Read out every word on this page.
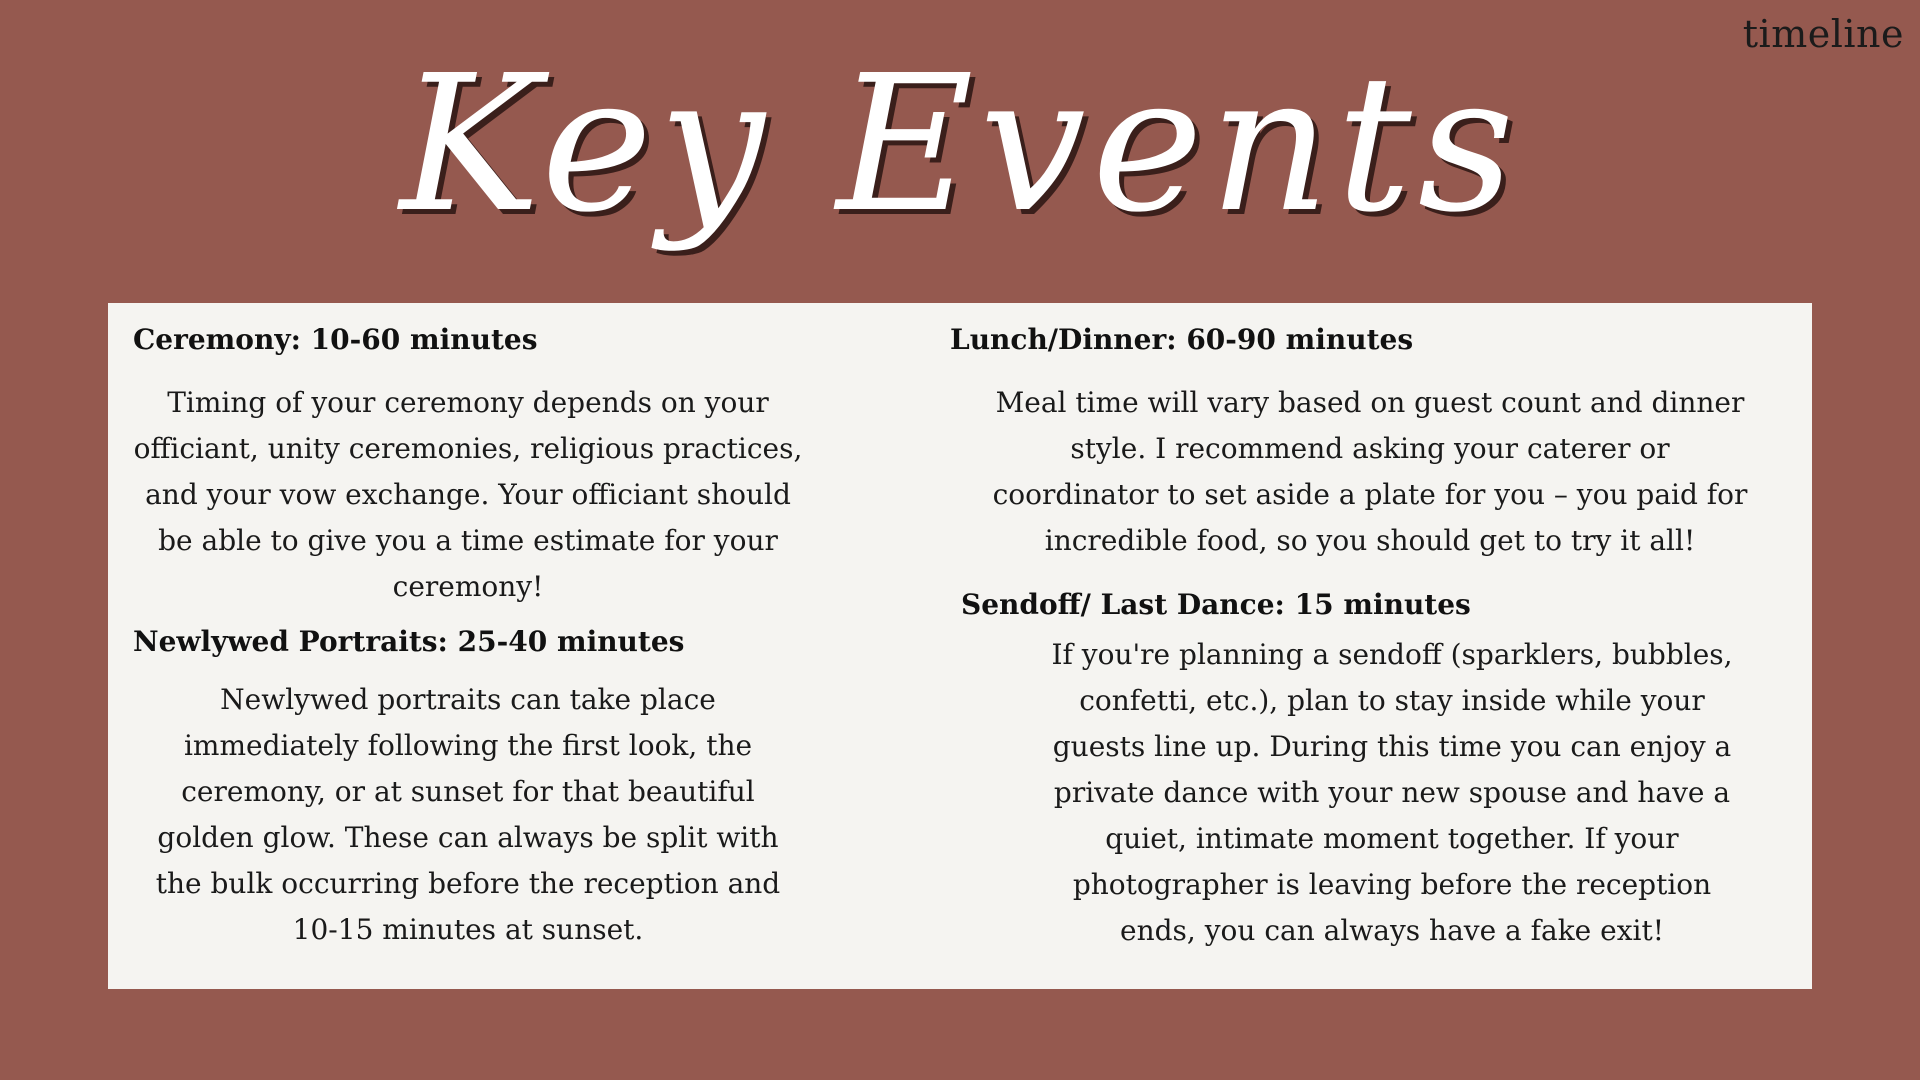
timeline
Key Events
Ceremony: 10-60 minutes
Timing of your ceremony depends on your officiant, unity ceremonies, religious practices, and your vow exchange. Your officiant should be able to give you a time estimate for your ceremony!
Newlywed Portraits: 25-40 minutes
Newlywed portraits can take place immediately following the first look, the ceremony, or at sunset for that beautiful golden glow. These can always be split with the bulk occurring before the reception and 10-15 minutes at sunset.
Lunch/Dinner: 60-90 minutes
Meal time will vary based on guest count and dinner style. I recommend asking your caterer or coordinator to set aside a plate for you – you paid for incredible food, so you should get to try it all!
Sendoff/ Last Dance: 15 minutes
If you're planning a sendoff (sparklers, bubbles, confetti, etc.), plan to stay inside while your guests line up. During this time you can enjoy a private dance with your new spouse and have a quiet, intimate moment together. If your photographer is leaving before the reception ends, you can always have a fake exit!
